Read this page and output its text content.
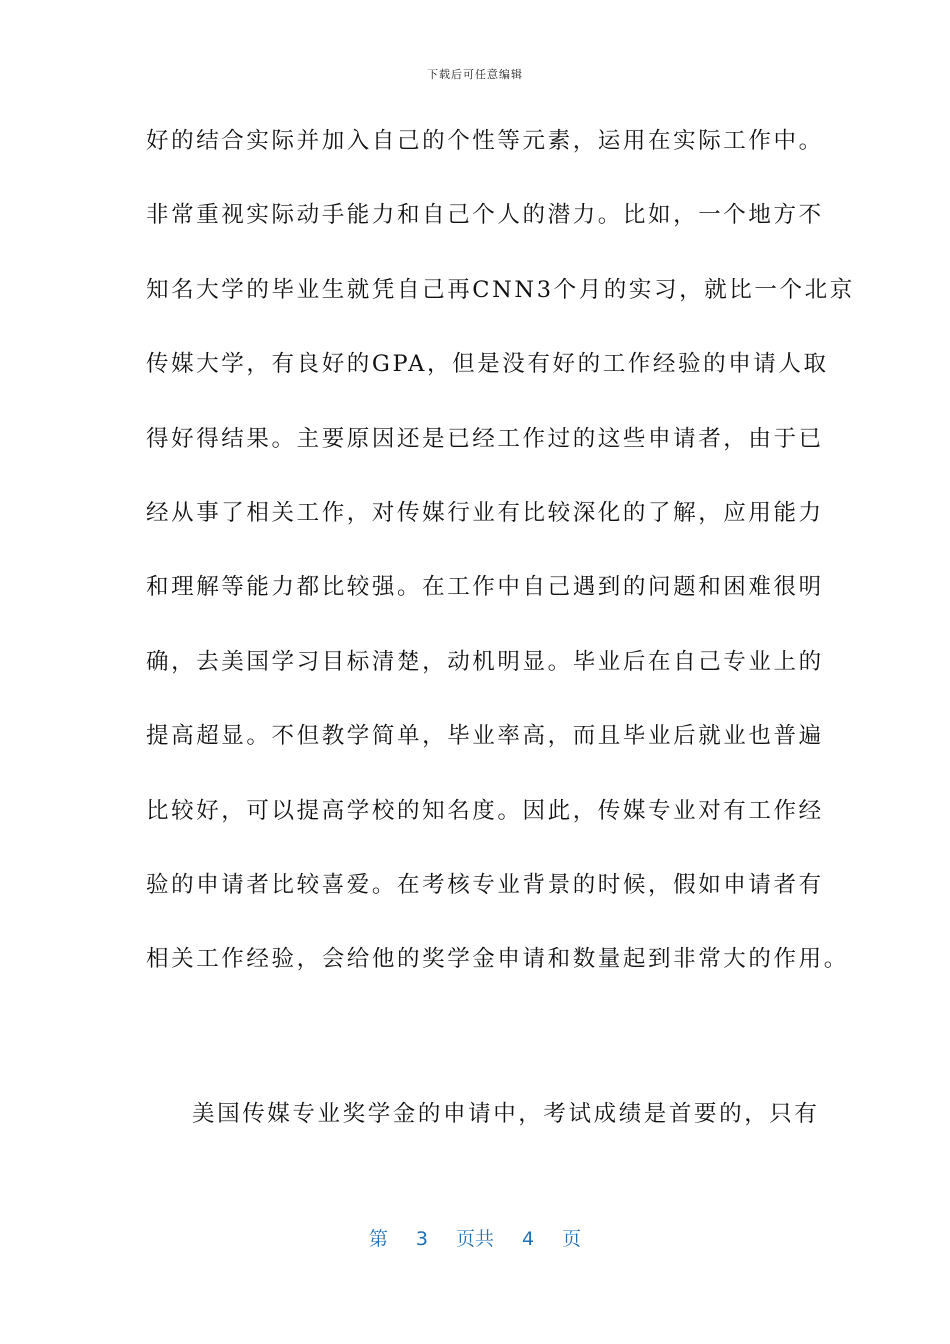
下载后可任意编辑
好的结合实际并加入自己的个性等元素，运用在实际工作中。
非常重视实际动手能力和自己个人的潜力。比如，一个地方不
知名大学的毕业生就凭自己再CNN3个月的实习，就比一个北京
传媒大学，有良好的GPA，但是没有好的工作经验的申请人取
得好得结果。主要原因还是已经工作过的这些申请者，由于已
经从事了相关工作，对传媒行业有比较深化的了解，应用能力
和理解等能力都比较强。在工作中自己遇到的问题和困难很明
确，去美国学习目标清楚，动机明显。毕业后在自己专业上的
提高超显。不但教学简单，毕业率高，而且毕业后就业也普遍
比较好，可以提高学校的知名度。因此，传媒专业对有工作经
验的申请者比较喜爱。在考核专业背景的时候，假如申请者有
相关工作经验，会给他的奖学金申请和数量起到非常大的作用。
美国传媒专业奖学金的申请中，考试成绩是首要的，只有
第 3 页共 4 页
